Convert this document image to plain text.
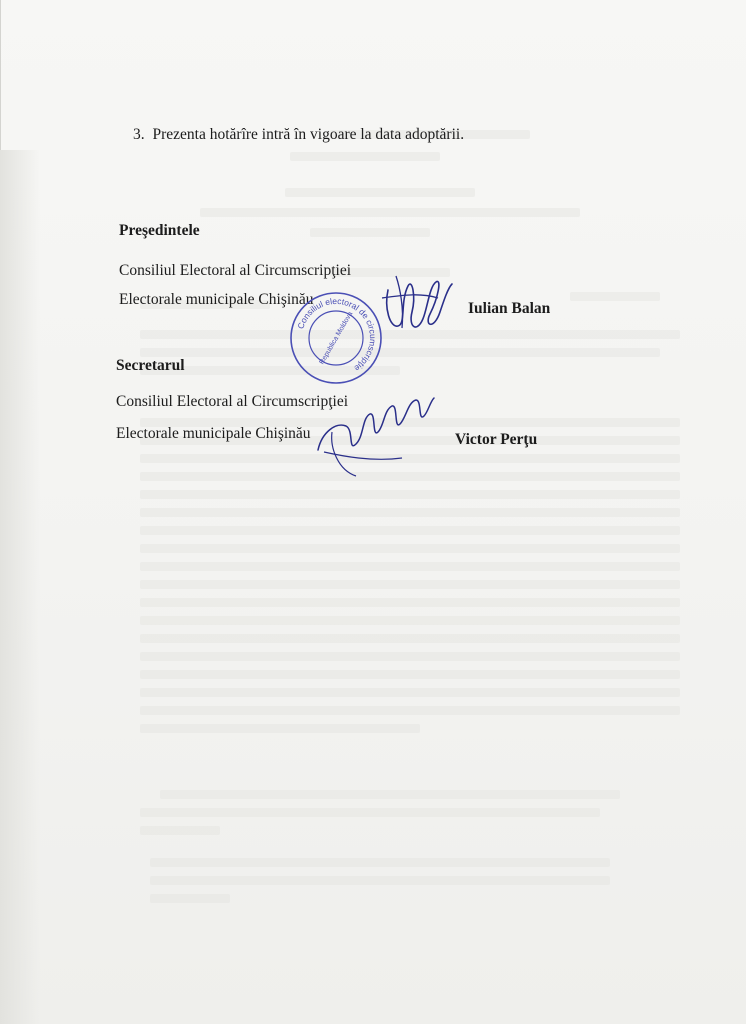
3. Prezenta hotărîre intră în vigoare la data adoptării.
Preşedintele
Consiliul Electoral al Circumscripţiei
Electorale municipale Chişinău
Iulian Balan
Consiliul electoral de circumscripţie
Republica Moldova
Secretarul
Consiliul Electoral al Circumscripţiei
Electorale municipale Chişinău	Victor Perţu
